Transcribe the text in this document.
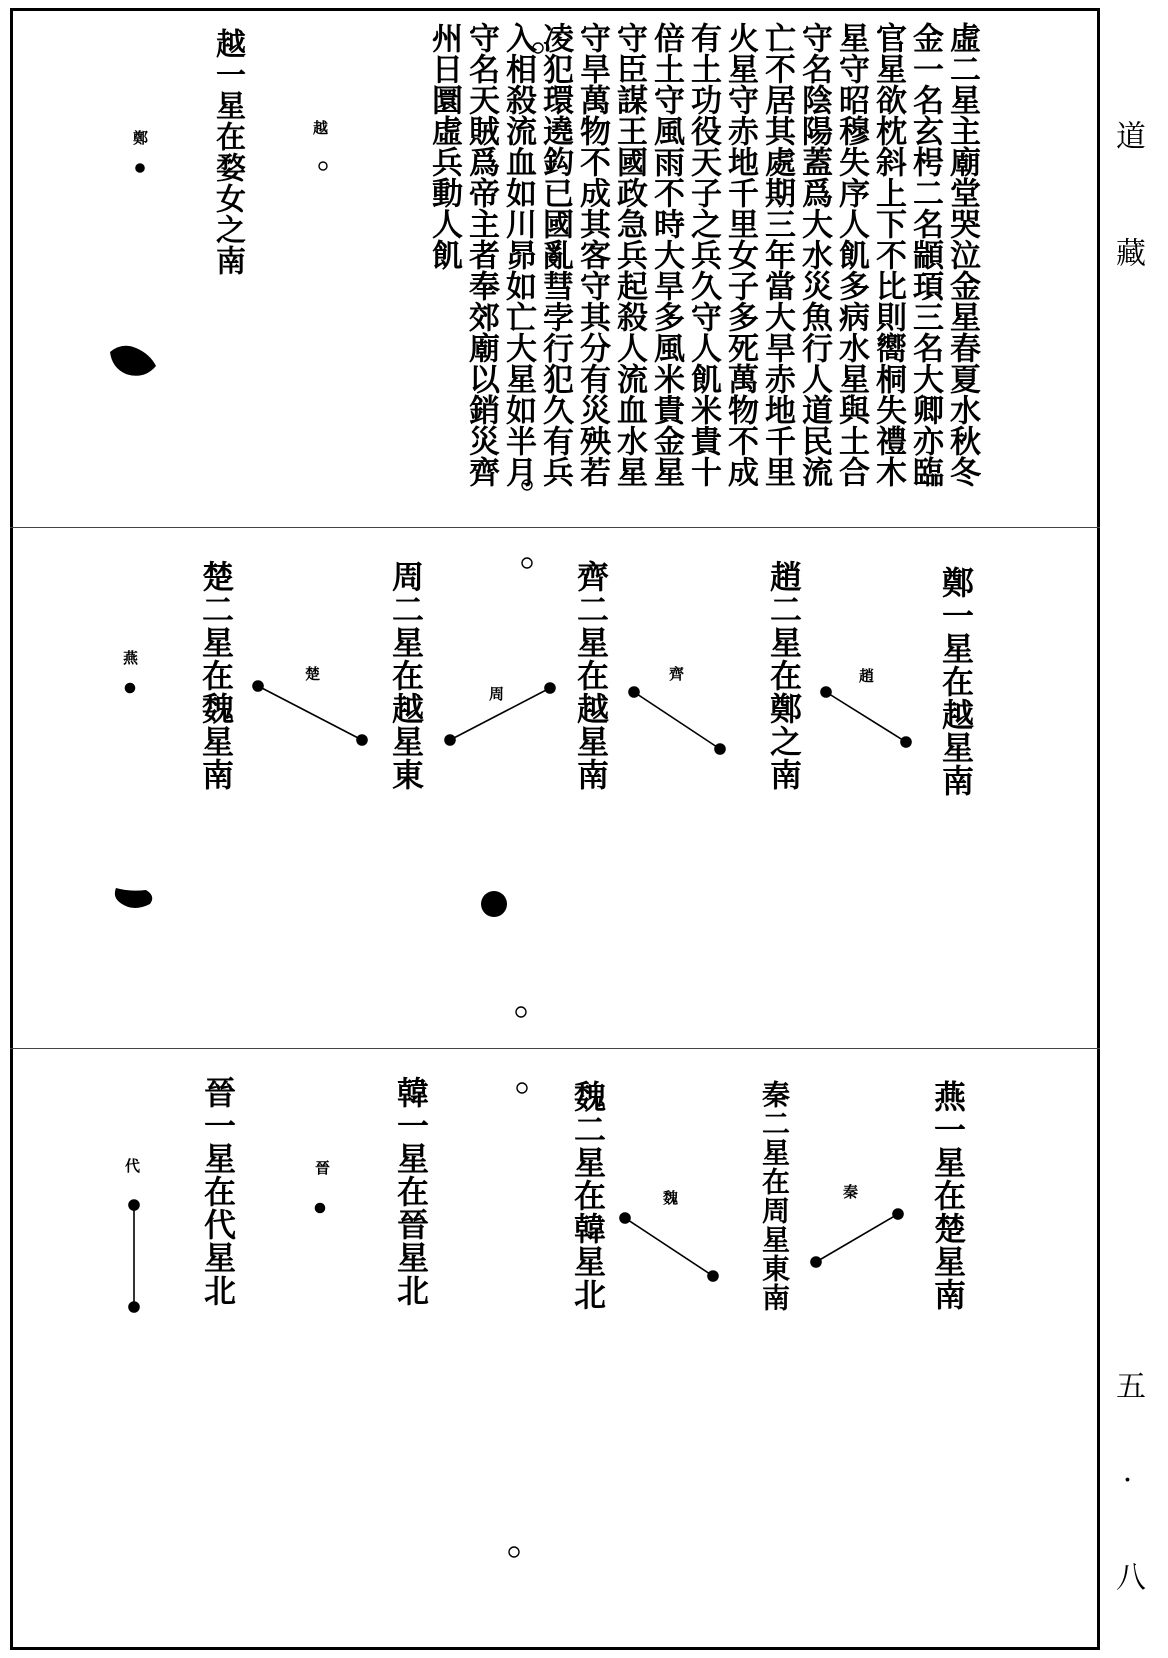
道 藏
五 · 八

虛二星主廟堂哭泣金星春夏水秋冬金一名玄枵二名顓頊三名大卿亦臨官星欲枕斜上下不比則嚮桐失禮木星守昭穆失序人飢多病水星與土合守名陰陽蓋爲大水災魚行人道民流亡不居其處期三年當大旱赤地千里火星守赤地千里女子多死萬物不成有土功役天子之兵久守人飢米貴十倍土守風雨不時大旱多風米貴金星守臣謀王國政急兵起殺人流血水星守旱萬物不成其客守其分有災殃若凌犯環遶鈎已國亂彗孛行犯久有兵入相殺流血如川昴如亡大星如半月守名天賊爲帝主者奉郊廟以銷災齊州日圜虛兵動人飢

越一星在婺女之南	越
鄭
鄭一星在越星南
趙二星在鄭之南
齊二星在越星南
周二星在越星東
楚二星在魏星南	趙
齊
周
楚
燕
燕一星在楚星南
秦二星在周星東南
魏二星在韓星北
韓一星在晉星北
晉一星在代星北	秦
魏
晉
代
